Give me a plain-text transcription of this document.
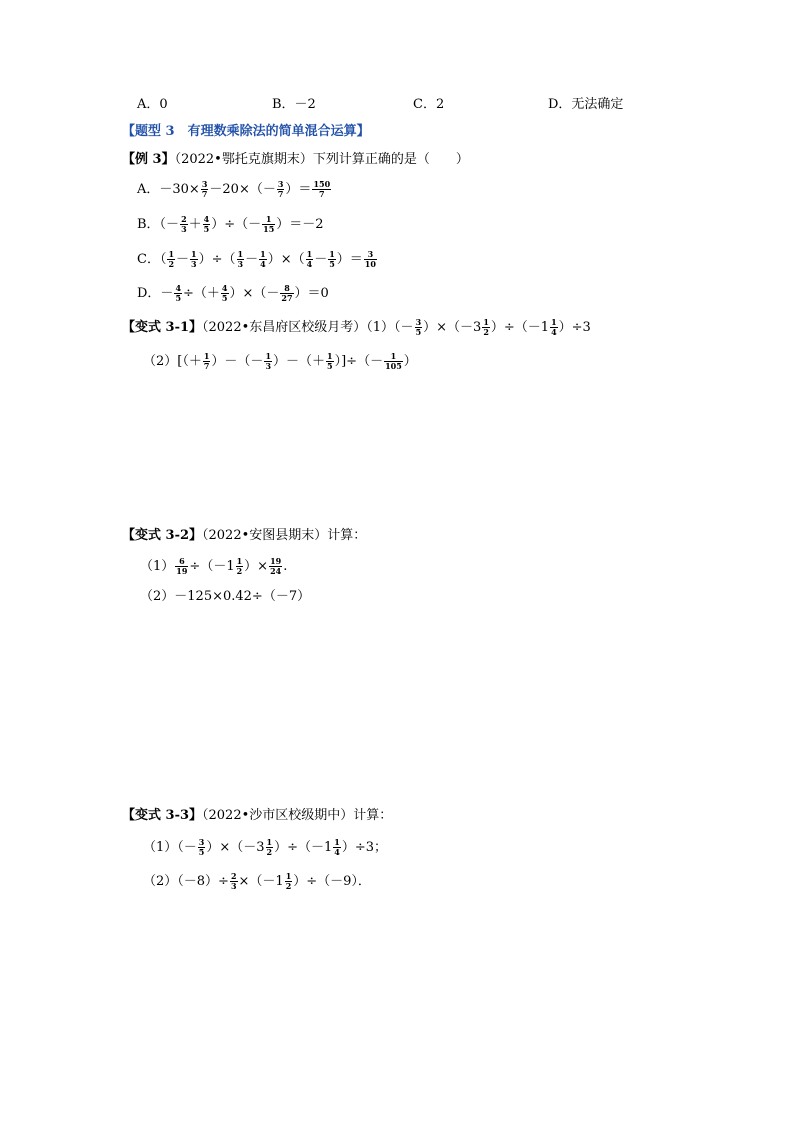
A．0	B．－2	C．2	D．无法确定
【题型 3　有理数乘除法的简单混合运算】
【例 3】（2022•鄂托克旗期末）下列计算正确的是（　　）
A．$-30\times \frac{3}{7} -20\times(- \frac{3}{7}$ ）＝ $\frac{150}{7}$
B．（－ $\frac{2}{3} + \frac{4}{5}$ ）÷（－ $\frac{1}{15} )=-2$
C．（ $\frac{1}{2} - \frac{1}{3}$ ）÷（ $\frac{1}{3} - \frac{1}{4}$ ）×（ $\frac{1}{4} - \frac{1}{5}$ ）＝ $\frac{3}{10}$
D．－ $\frac{4}{5}$ ÷（＋ $\frac{4}{5}$ ）×（－ $\frac{8}{27} )=0$
【变式 3-1】（2022•东昌府区校级月考）$(1)(- \frac{3}{5} )\times(-3 \frac{1}{2} )\div(-1 \frac{1}{4} )\div 3$
$(2)[(+ \frac{1}{7}$ ）－（－ $\frac{1}{3}$ ）－（＋ $\frac{1}{5}$ ）]÷（－ $\frac{1}{105}$ ）
【变式 3-2】（2022•安图县期末）计算：
$(1) \frac{6}{19} \div(-1 \frac{1}{2}$ ）× $\frac{19}{24}$ .
（2）－125×0.42÷（－7）
【变式 3-3】（2022•沙市区校级期中）计算：
$(1)(- \frac{3}{5} )\times(-3 \frac{1}{2} )\div(-1 \frac{1}{4} )\div 3$；
$(2)(-8)\div \frac{2}{3} \times(-1 \frac{1}{2} )\div(-9)$．
